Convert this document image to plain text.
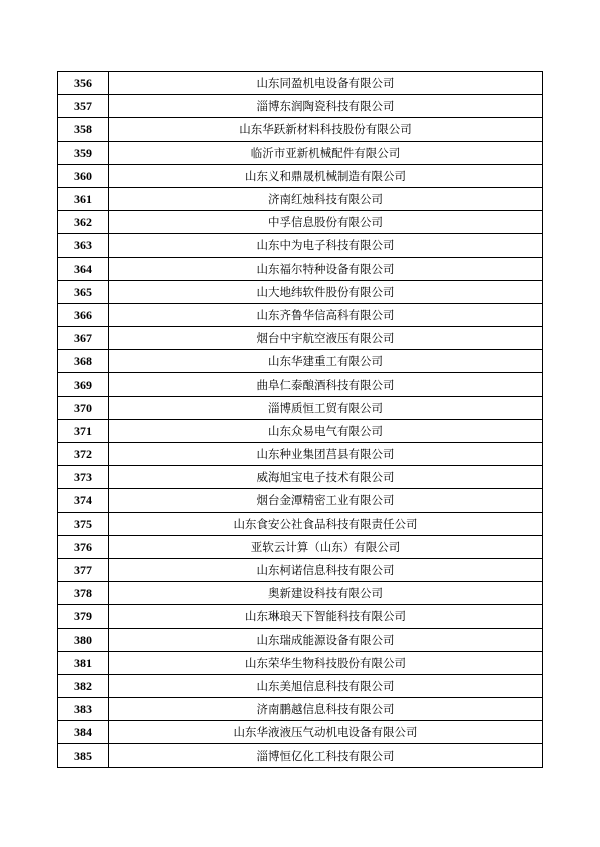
356	山东同盈机电设备有限公司
357	淄博东润陶瓷科技有限公司
358	山东华跃新材料科技股份有限公司
359	临沂市亚新机械配件有限公司
360	山东义和鼎晟机械制造有限公司
361	济南红烛科技有限公司
362	中孚信息股份有限公司
363	山东中为电子科技有限公司
364	山东福尔特种设备有限公司
365	山大地纬软件股份有限公司
366	山东齐鲁华信高科有限公司
367	烟台中宇航空液压有限公司
368	山东华建重工有限公司
369	曲阜仁泰酿酒科技有限公司
370	淄博质恒工贸有限公司
371	山东众易电气有限公司
372	山东种业集团莒县有限公司
373	威海旭宝电子技术有限公司
374	烟台金潭精密工业有限公司
375	山东食安公社食品科技有限责任公司
376	亚软云计算（山东）有限公司
377	山东柯诺信息科技有限公司
378	奥新建设科技有限公司
379	山东琳琅天下智能科技有限公司
380	山东瑞成能源设备有限公司
381	山东荣华生物科技股份有限公司
382	山东美旭信息科技有限公司
383	济南鹏越信息科技有限公司
384	山东华液液压气动机电设备有限公司
385	淄博恒亿化工科技有限公司
